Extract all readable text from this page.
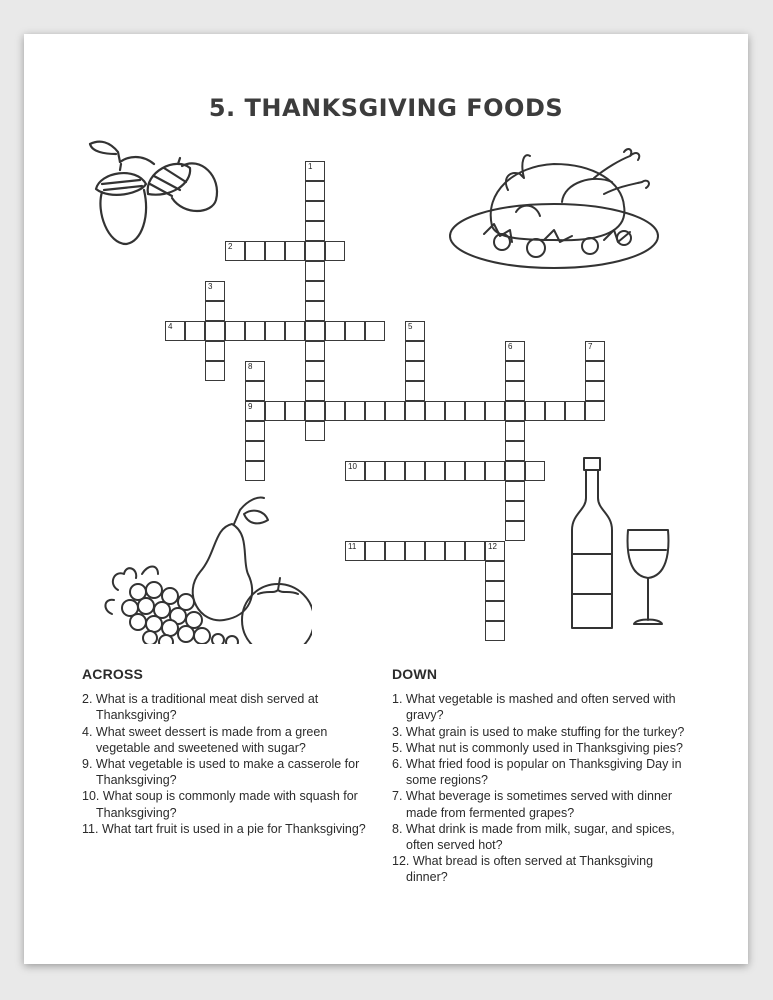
5. THANKSGIVING FOODS
1
2
3
4	5
6	7
8
9
10
11	12
ACROSS

2. What is a traditional meat dish served at Thanksgiving?

4. What sweet dessert is made from a green vegetable and sweetened with sugar?

9. What vegetable is used to make a casserole for Thanksgiving?

10. What soup is commonly made with squash for Thanksgiving?

11. What tart fruit is used in a pie for Thanksgiving?

DOWN

1. What vegetable is mashed and often served with gravy?

3. What grain is used to make stuffing for the turkey?

5. What nut is commonly used in Thanksgiving pies?

6. What fried food is popular on Thanksgiving Day in some regions?

7. What beverage is sometimes served with dinner made from fermented grapes?

8. What drink is made from milk, sugar, and spices, often served hot?

12. What bread is often served at Thanksgiving dinner?
